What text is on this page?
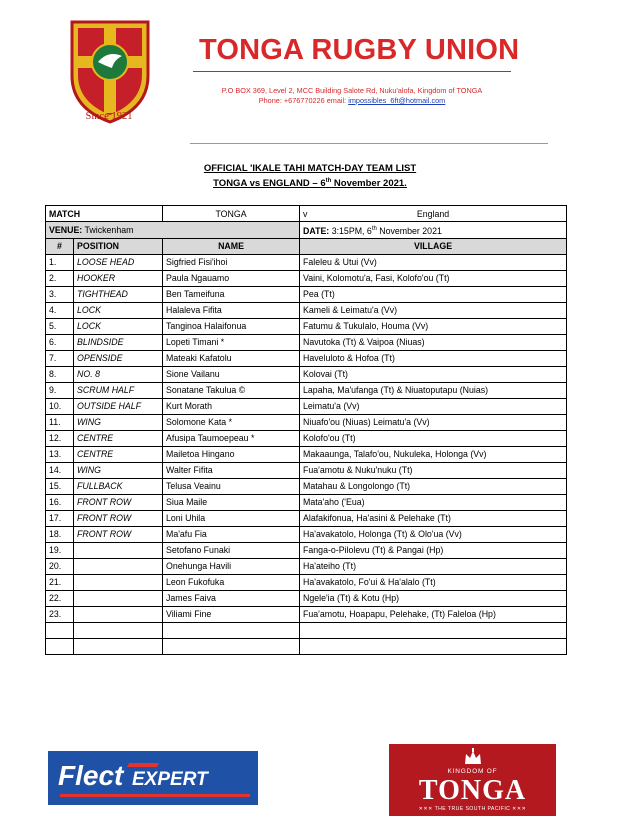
Since 1921
TONGA RUGBY UNION
P.O BOX 369, Level 2, MCC Building Salote Rd, Nuku'alofa, Kingdom of TONGA
Phone: +676770226 email: impossibles_6ft@hotmail.com
OFFICIAL 'IKALE TAHI MATCH-DAY TEAM LIST
TONGA vs ENGLAND – 6th November 2021.
MATCH		TONGA	v England
VENUE: Twickenham			DATE: 3:15PM, 6th November 2021
#	POSITION	NAME	VILLAGE
1.	LOOSE HEAD	Sigfried Fisi'ihoi	Faleleu & Utui (Vv)
2.	HOOKER	Paula Ngauamo	Vaini, Kolomotu'a, Fasi, Kolofo'ou (Tt)
3.	TIGHTHEAD	Ben Tameifuna	Pea (Tt)
4.	LOCK	Halaleva Fifita	Kameli & Leimatu'a (Vv)
5.	LOCK	Tanginoa Halaifonua	Fatumu & Tukulalo, Houma (Vv)
6.	BLINDSIDE	Lopeti Timani *	Navutoka (Tt) & Vaipoa (Niuas)
7.	OPENSIDE	Mateaki Kafatolu	Haveluloto & Hofoa (Tt)
8.	NO. 8	Sione Vailanu	Kolovai (Tt)
9.	SCRUM HALF	Sonatane Takulua ©	Lapaha, Ma'ufanga (Tt) & Niuatoputapu (Nuias)
10.	OUTSIDE HALF	Kurt Morath	Leimatu'a (Vv)
11.	WING	Solomone Kata *	Niuafo'ou (Niuas) Leimatu'a (Vv)
12.	CENTRE	Afusipa Taumoepeau *	Kolofo'ou (Tt)
13.	CENTRE	Mailetoa Hingano	Makaaunga, Talafo'ou, Nukuleka, Holonga (Vv)
14.	WING	Walter Fifita	Fua'amotu & Nuku'nuku (Tt)
15.	FULLBACK	Telusa Veainu	Matahau & Longolongo (Tt)
16.	FRONT ROW	Siua Maile	Mata'aho ('Eua)
17.	FRONT ROW	Loni Uhila	Alafakifonua, Ha'asini & Pelehake (Tt)
18.	FRONT ROW	Ma'afu Fia	Ha'avakatolo, Holonga (Tt) & Olo'ua (Vv)
19.		Setofano Funaki	Fanga-o-Pilolevu (Tt) & Pangai (Hp)
20.		Onehunga Havili	Ha'ateiho (Tt)
21.		Leon Fukofuka	Ha'avakatolo, Fo'ui & Ha'alalo (Tt)
22.		James Faiva	Ngele'ia (Tt) & Kotu (Hp)
23.		Viliami Fine	Fua'amotu, Hoapapu, Pelehake, (Tt) Faleloa (Hp)

Flect EXPERT	KINGDOM OF
TONGA
✕✕✕ THE TRUE SOUTH PACIFIC ✕✕✕
